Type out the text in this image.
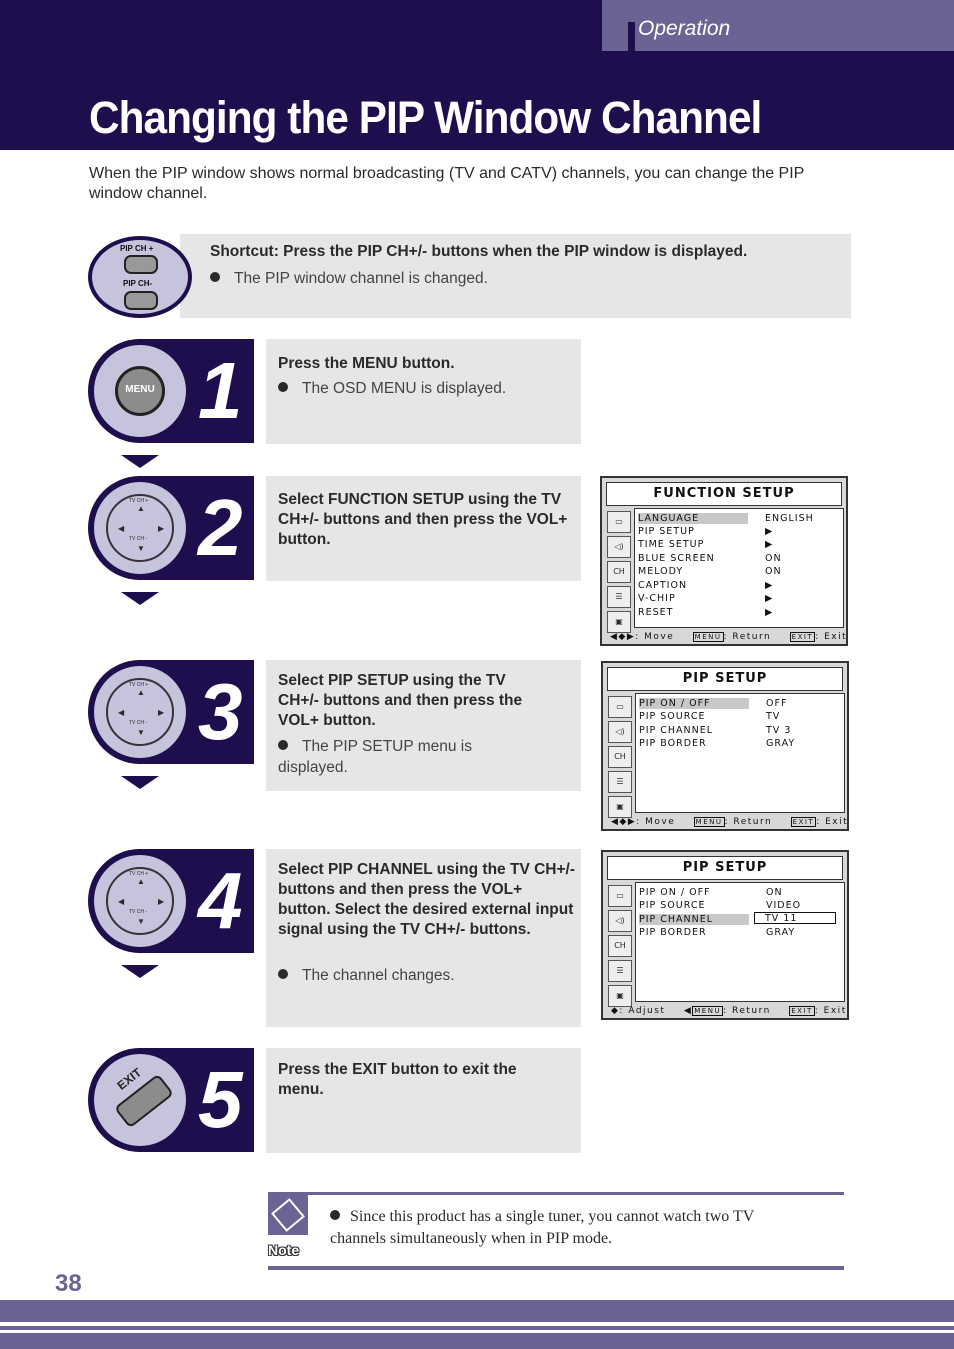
Operation
Changing the PIP Window Channel
When the PIP window shows normal broadcasting (TV and CATV) channels, you can change the PIP window channel.
PIP CH +
PIP CH-
Shortcut: Press the PIP CH+/- buttons when the PIP window is displayed.
The PIP window channel is changed.
MENU 1 Press the MENU button.
The OSD MENU is displayed.
TV CH +
▲
▼
TV CH -
◀	▶ 2 Select FUNCTION SETUP using the TV CH+/- buttons and then press the VOL+ button.
FUNCTION SETUP
▭
◁)
CH
☰
▣
LANGUAGE	ENGLISH
PIP SETUP	▶
TIME SETUP	▶
BLUE SCREEN	ON
MELODY	ON
CAPTION	▶
V-CHIP	▶
RESET	▶
◀◆▶: Move	MENU : Return	EXIT : Exit
TV CH +
▲
▼
TV CH -
◀	▶ 3 Select PIP SETUP using the TV CH+/- buttons and then press the VOL+ button.
The PIP SETUP menu is displayed.
PIP SETUP
▭
◁)
CH
☰
▣
PIP ON / OFF	OFF
PIP SOURCE	TV
PIP CHANNEL	TV 3
PIP BORDER	GRAY
◀◆▶: Move	MENU : Return	EXIT : Exit
TV CH +
▲
▼
TV CH -
◀	▶ 4 Select PIP CHANNEL using the TV CH+/- buttons and then press the VOL+ button. Select the desired external input signal using the TV CH+/- buttons.
The channel changes.
PIP SETUP
▭
◁)
CH
☰
▣
PIP ON / OFF	ON
PIP SOURCE	VIDEO
PIP CHANNEL	TV 11
PIP BORDER	GRAY
◆: Adjust ◀ MENU : Return	EXIT : Exit
EXIT 5 Press the EXIT button to exit the menu.
Note
Since this product has a single tuner, you cannot watch two TV channels simultaneously when in PIP mode.
38
